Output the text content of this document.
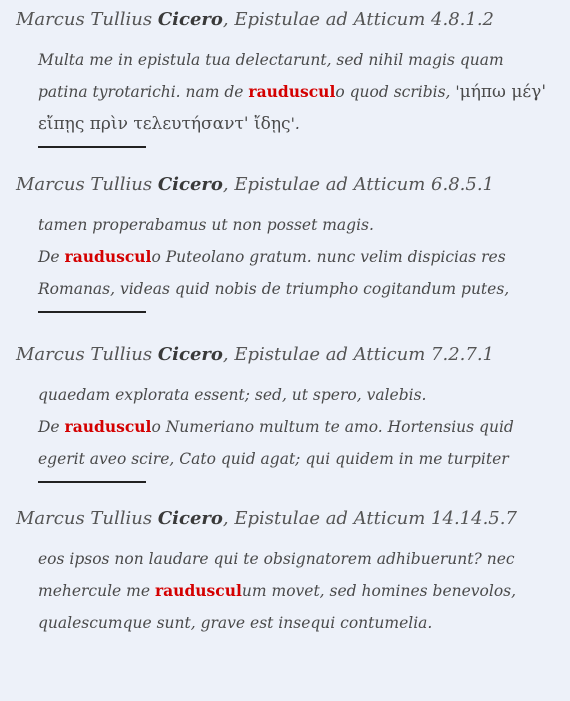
Marcus Tullius Cicero, Epistulae ad Atticum 4.8.1.2

Multa me in epistula tua delectarunt, sed nihil magis quam
patina tyrotarichi. nam de raudusculo quod scribis, 'μήπω μέγ'
εἴπῃς πρὶν τελευτήσαντ' ἴδῃς'.

Marcus Tullius Cicero, Epistulae ad Atticum 6.8.5.1

tamen properabamus ut non posset magis.
De raudusculo Puteolano gratum. nunc velim dispicias res
Romanas, videas quid nobis de triumpho cogitandum putes,

Marcus Tullius Cicero, Epistulae ad Atticum 7.2.7.1

quaedam explorata essent; sed, ut spero, valebis.
De raudusculo Numeriano multum te amo. Hortensius quid
egerit aveo scire, Cato quid agat; qui quidem in me turpiter

Marcus Tullius Cicero, Epistulae ad Atticum 14.14.5.7

eos ipsos non laudare qui te obsignatorem adhibuerunt? nec
mehercule me raudusculum movet, sed homines benevolos,
qualescumque sunt, grave est insequi contumelia.
